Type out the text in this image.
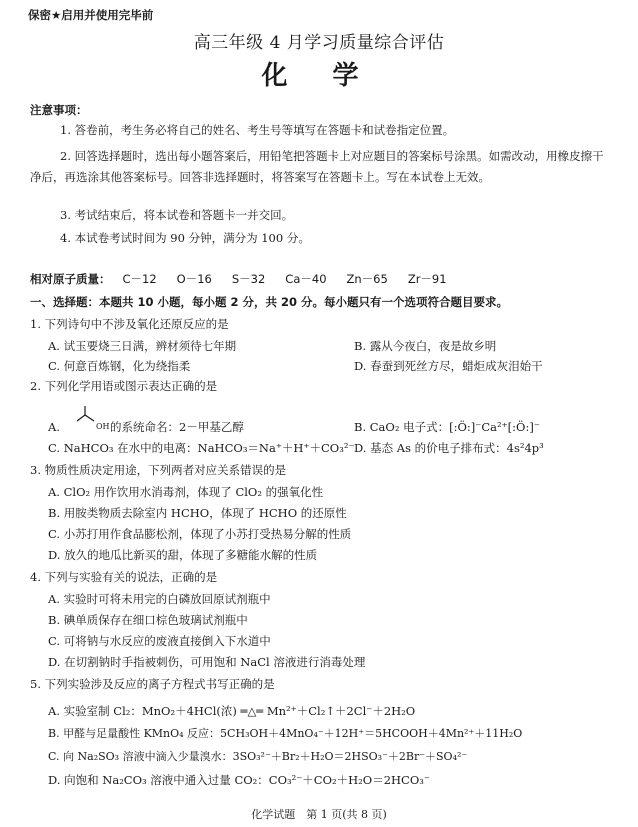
保密★启用并使用完毕前
高三年级 4 月学习质量综合评估
化 学
注意事项：
1. 答卷前，考生务必将自己的姓名、考生号等填写在答题卡和试卷指定位置。
2. 回答选择题时，选出每小题答案后，用铅笔把答题卡上对应题目的答案标号涂黑。如需改动，用橡皮擦干净后，再选涂其他答案标号。回答非选择题时，将答案写在答题卡上。写在本试卷上无效。
3. 考试结束后，将本试卷和答题卡一并交回。
4. 本试卷考试时间为 90 分钟，满分为 100 分。
相对原子质量： C－12 O－16 S－32 Ca－40 Zn－65 Zr－91
一、选择题：本题共 10 小题，每小题 2 分，共 20 分。每小题只有一个选项符合题目要求。
1. 下列诗句中不涉及氧化还原反应的是
A. 试玉要烧三日满，辨材须待七年期	B. 露从今夜白，夜是故乡明
C. 何意百炼钢，化为绕指柔	D. 春蚕到死丝方尽，蜡炬成灰泪始干
2. 下列化学用语或图示表达正确的是
A.	OH 的系统命名：2－甲基乙醇	B. CaO₂ 电子式：[:Ö:]⁻Ca²⁺[:Ö:]⁻
C. NaHCO₃ 在水中的电离：NaHCO₃＝Na⁺＋H⁺＋CO₃²⁻ D. 基态 As 的价电子排布式：4s²4p³
3. 物质性质决定用途，下列两者对应关系错误的是
A. ClO₂ 用作饮用水消毒剂，体现了 ClO₂ 的强氧化性
B. 用胺类物质去除室内 HCHO，体现了 HCHO 的还原性
C. 小苏打用作食品膨松剂，体现了小苏打受热易分解的性质
D. 放久的地瓜比新买的甜，体现了多糖能水解的性质
4. 下列与实验有关的说法，正确的是
A. 实验时可将未用完的白磷放回原试剂瓶中
B. 碘单质保存在细口棕色玻璃试剂瓶中
C. 可将钠与水反应的废液直接倒入下水道中
D. 在切割钠时手指被刺伤，可用饱和 NaCl 溶液进行消毒处理
5. 下列实验涉及反应的离子方程式书写正确的是
A. 实验室制 Cl₂：MnO₂＋4HCl(浓) ═△═ Mn²⁺＋Cl₂↑＋2Cl⁻＋2H₂O
B. 甲醛与足量酸性 KMnO₄ 反应：5CH₃OH＋4MnO₄⁻＋12H⁺＝5HCOOH＋4Mn²⁺＋11H₂O
C. 向 Na₂SO₃ 溶液中滴入少量溴水：3SO₃²⁻＋Br₂＋H₂O＝2HSO₃⁻＋2Br⁻＋SO₄²⁻
D. 向饱和 Na₂CO₃ 溶液中通入过量 CO₂：CO₃²⁻＋CO₂＋H₂O＝2HCO₃⁻
化学试题　第 1 页(共 8 页)
